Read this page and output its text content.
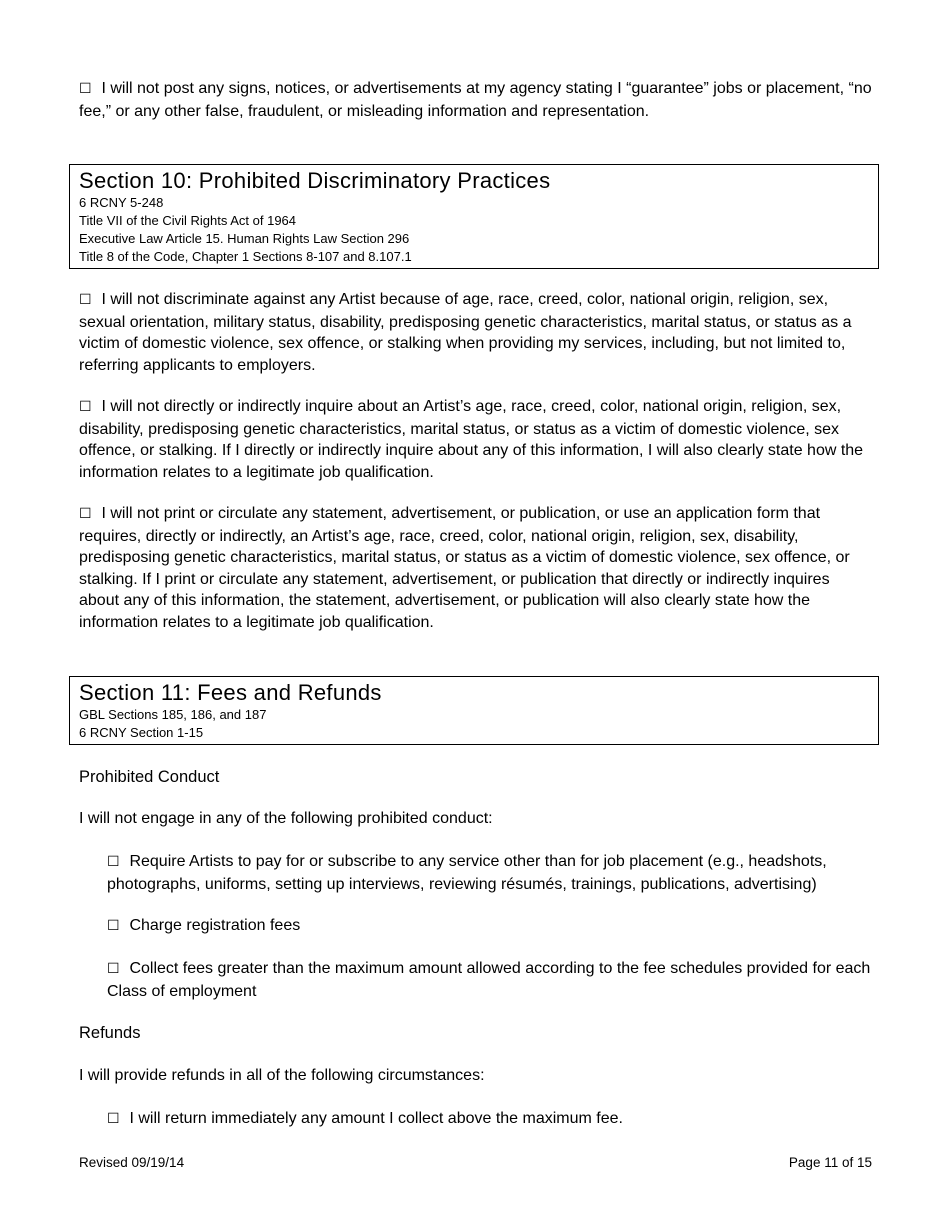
☐ I will not post any signs, notices, or advertisements at my agency stating I “guarantee” jobs or placement, “no fee,” or any other false, fraudulent, or misleading information and representation.

Section 10: Prohibited Discriminatory Practices
6 RCNY 5-248
Title VII of the Civil Rights Act of 1964
Executive Law Article 15. Human Rights Law Section 296
Title 8 of the Code, Chapter 1 Sections 8-107 and 8.107.1

☐ I will not discriminate against any Artist because of age, race, creed, color, national origin, religion, sex, sexual orientation, military status, disability, predisposing genetic characteristics, marital status, or status as a victim of domestic violence, sex offence, or stalking when providing my services, including, but not limited to, referring applicants to employers.

☐ I will not directly or indirectly inquire about an Artist’s age, race, creed, color, national origin, religion, sex, disability, predisposing genetic characteristics, marital status, or status as a victim of domestic violence, sex offence, or stalking. If I directly or indirectly inquire about any of this information, I will also clearly state how the information relates to a legitimate job qualification.

☐ I will not print or circulate any statement, advertisement, or publication, or use an application form that requires, directly or indirectly, an Artist’s age, race, creed, color, national origin, religion, sex, disability, predisposing genetic characteristics, marital status, or status as a victim of domestic violence, sex offence, or stalking. If I print or circulate any statement, advertisement, or publication that directly or indirectly inquires about any of this information, the statement, advertisement, or publication will also clearly state how the information relates to a legitimate job qualification.

Section 11: Fees and Refunds
GBL Sections 185, 186, and 187
6 RCNY Section 1-15
Prohibited Conduct

I will not engage in any of the following prohibited conduct:

☐ Require Artists to pay for or subscribe to any service other than for job placement (e.g., headshots, photographs, uniforms, setting up interviews, reviewing résumés, trainings, publications, advertising)

☐ Charge registration fees

☐ Collect fees greater than the maximum amount allowed according to the fee schedules provided for each Class of employment

Refunds

I will provide refunds in all of the following circumstances:

☐ I will return immediately any amount I collect above the maximum fee.

Revised 09/19/14	Page 11 of 15
